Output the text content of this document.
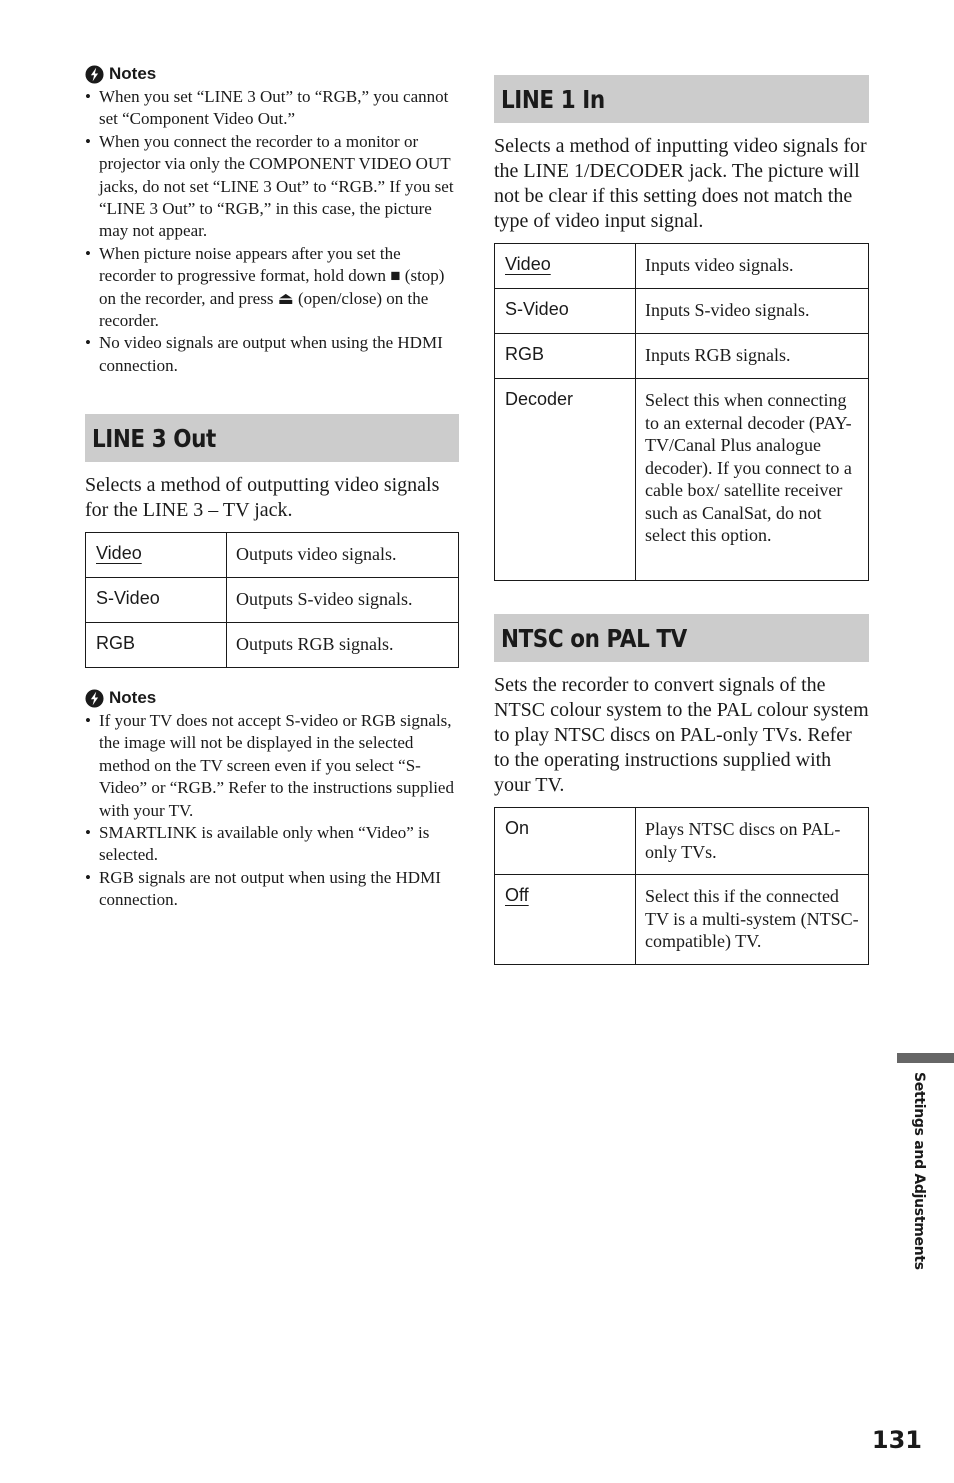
Notes
• When you set “LINE 3 Out” to “RGB,” you cannot set “Component Video Out.”
• When you connect the recorder to a monitor or projector via only the COMPONENT VIDEO OUT jacks, do not set “LINE 3 Out” to “RGB.” If you set “LINE 3 Out” to “RGB,” in this case, the picture may not appear.
• When picture noise appears after you set the recorder to progressive format, hold down ■ (stop) on the recorder, and press ⏏ (open/close) on the recorder.
• No video signals are output when using the HDMI connection.
LINE 3 Out

Selects a method of outputting video signals for the LINE 3 – TV jack.

Video	Outputs video signals.
S-Video	Outputs S-video signals.
RGB	Outputs RGB signals.
Notes
• If your TV does not accept S-video or RGB signals, the image will not be displayed in the selected method on the TV screen even if you select “S-Video” or “RGB.” Refer to the instructions supplied with your TV.
• SMARTLINK is available only when “Video” is selected.
• RGB signals are not output when using the HDMI connection.
LINE 1 In

Selects a method of inputting video signals for the LINE 1/DECODER jack. The picture will not be clear if this setting does not match the type of video input signal.

Video	Inputs video signals.
S-Video	Inputs S-video signals.
RGB	Inputs RGB signals.
Decoder	Select this when connecting to an external decoder (PAY-TV/Canal Plus analogue decoder). If you connect to a cable box/ satellite receiver such as CanalSat, do not select this option.
NTSC on PAL TV

Sets the recorder to convert signals of the NTSC colour system to the PAL colour system to play NTSC discs on PAL-only TVs. Refer to the operating instructions supplied with your TV.

On	Plays NTSC discs on PAL-only TVs.
Off	Select this if the connected TV is a multi-system (NTSC-compatible) TV.
Settings and Adjustments
131
